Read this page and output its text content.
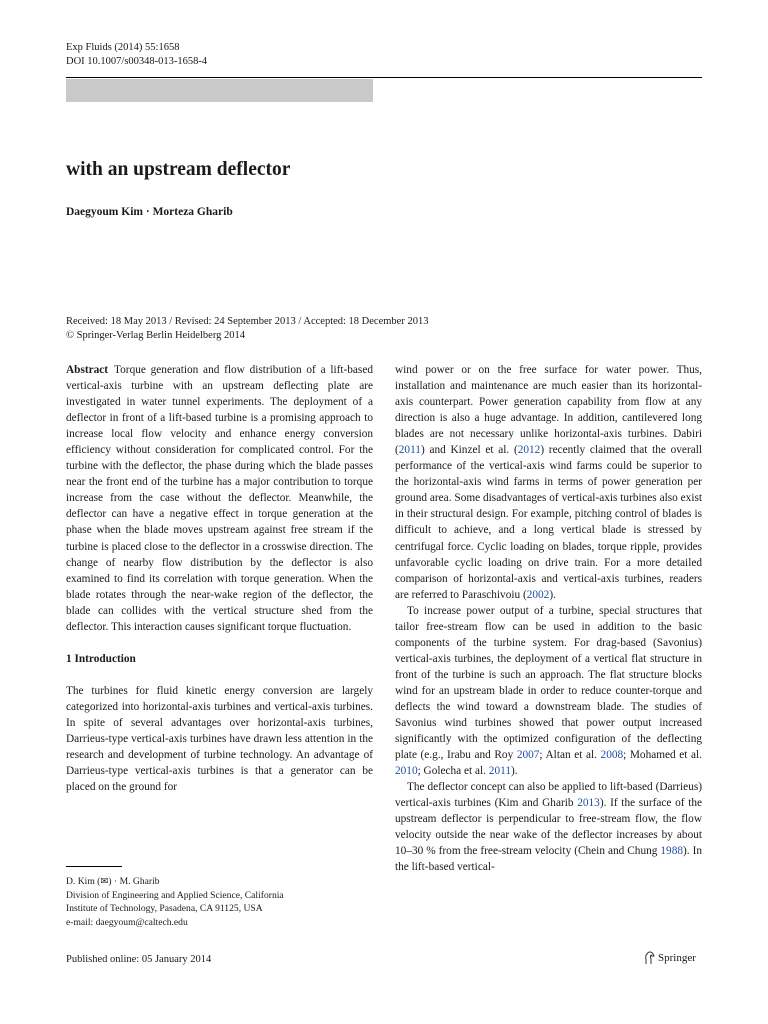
Exp Fluids (2014) 55:1658
DOI 10.1007/s00348-013-1658-4
with an upstream deflector
Daegyoum Kim · Morteza Gharib
Received: 18 May 2013 / Revised: 24 September 2013 / Accepted: 18 December 2013
© Springer-Verlag Berlin Heidelberg 2014

Abstract Torque generation and flow distribution of a lift-based vertical-axis turbine with an upstream deflecting plate are investigated in water tunnel experiments. The deployment of a deflector in front of a lift-based turbine is a promising approach to increase local flow velocity and enhance energy conversion efficiency without consideration for complicated control. For the turbine with the deflector, the phase during which the blade passes near the front end of the turbine has a major contribution to torque increase from the case without the deflector. Meanwhile, the deflector can have a negative effect in torque generation at the phase when the blade moves upstream against free stream if the turbine is placed close to the deflector in a crosswise direction. The change of nearby flow distribution by the deflector is also examined to find its correlation with torque generation. When the blade rotates through the near-wake region of the deflector, the blade can collides with the vertical structure shed from the deflector. This interaction causes significant torque fluctuation.

1 Introduction

The turbines for fluid kinetic energy conversion are largely categorized into horizontal-axis turbines and vertical-axis turbines. In spite of several advantages over horizontal-axis turbines, Darrieus-type vertical-axis turbines have drawn less attention in the research and development of turbine technology. An advantage of Darrieus-type vertical-axis turbines is that a generator can be placed on the ground for

wind power or on the free surface for water power. Thus, installation and maintenance are much easier than its horizontal-axis counterpart. Power generation capability from flow at any direction is also a huge advantage. In addition, cantilevered long blades are not necessary unlike horizontal-axis turbines. Dabiri (2011) and Kinzel et al. (2012) recently claimed that the overall performance of the vertical-axis wind farms could be superior to the horizontal-axis wind farms in terms of power generation per ground area. Some disadvantages of vertical-axis turbines also exist in their structural design. For example, pitching control of blades is difficult to achieve, and a long vertical blade is stressed by centrifugal force. Cyclic loading on blades, torque ripple, provides unfavorable cyclic loading on drive train. For a more detailed comparison of horizontal-axis and vertical-axis turbines, readers are referred to Paraschivoiu (2002).

To increase power output of a turbine, special structures that tailor free-stream flow can be used in addition to the basic components of the turbine system. For drag-based (Savonius) vertical-axis turbines, the deployment of a vertical flat structure in front of the turbine is such an approach. The flat structure blocks wind for an upstream blade in order to reduce counter-torque and deflects the wind toward a downstream blade. The studies of Savonius wind turbines showed that power output increased significantly with the optimized configuration of the deflecting plate (e.g., Irabu and Roy 2007; Altan et al. 2008; Mohamed et al. 2010; Golecha et al. 2011).

The deflector concept can also be applied to lift-based (Darrieus) vertical-axis turbines (Kim and Gharib 2013). If the surface of the upstream deflector is perpendicular to free-stream flow, the flow velocity outside the near wake of the deflector increases by about 10–30 % from the free-stream velocity (Chein and Chung 1988). In the lift-based vertical-

D. Kim (✉) · M. Gharib
Division of Engineering and Applied Science, California
Institute of Technology, Pasadena, CA 91125, USA
e-mail: daegyoum@caltech.edu
Published online: 05 January 2014	Springer
